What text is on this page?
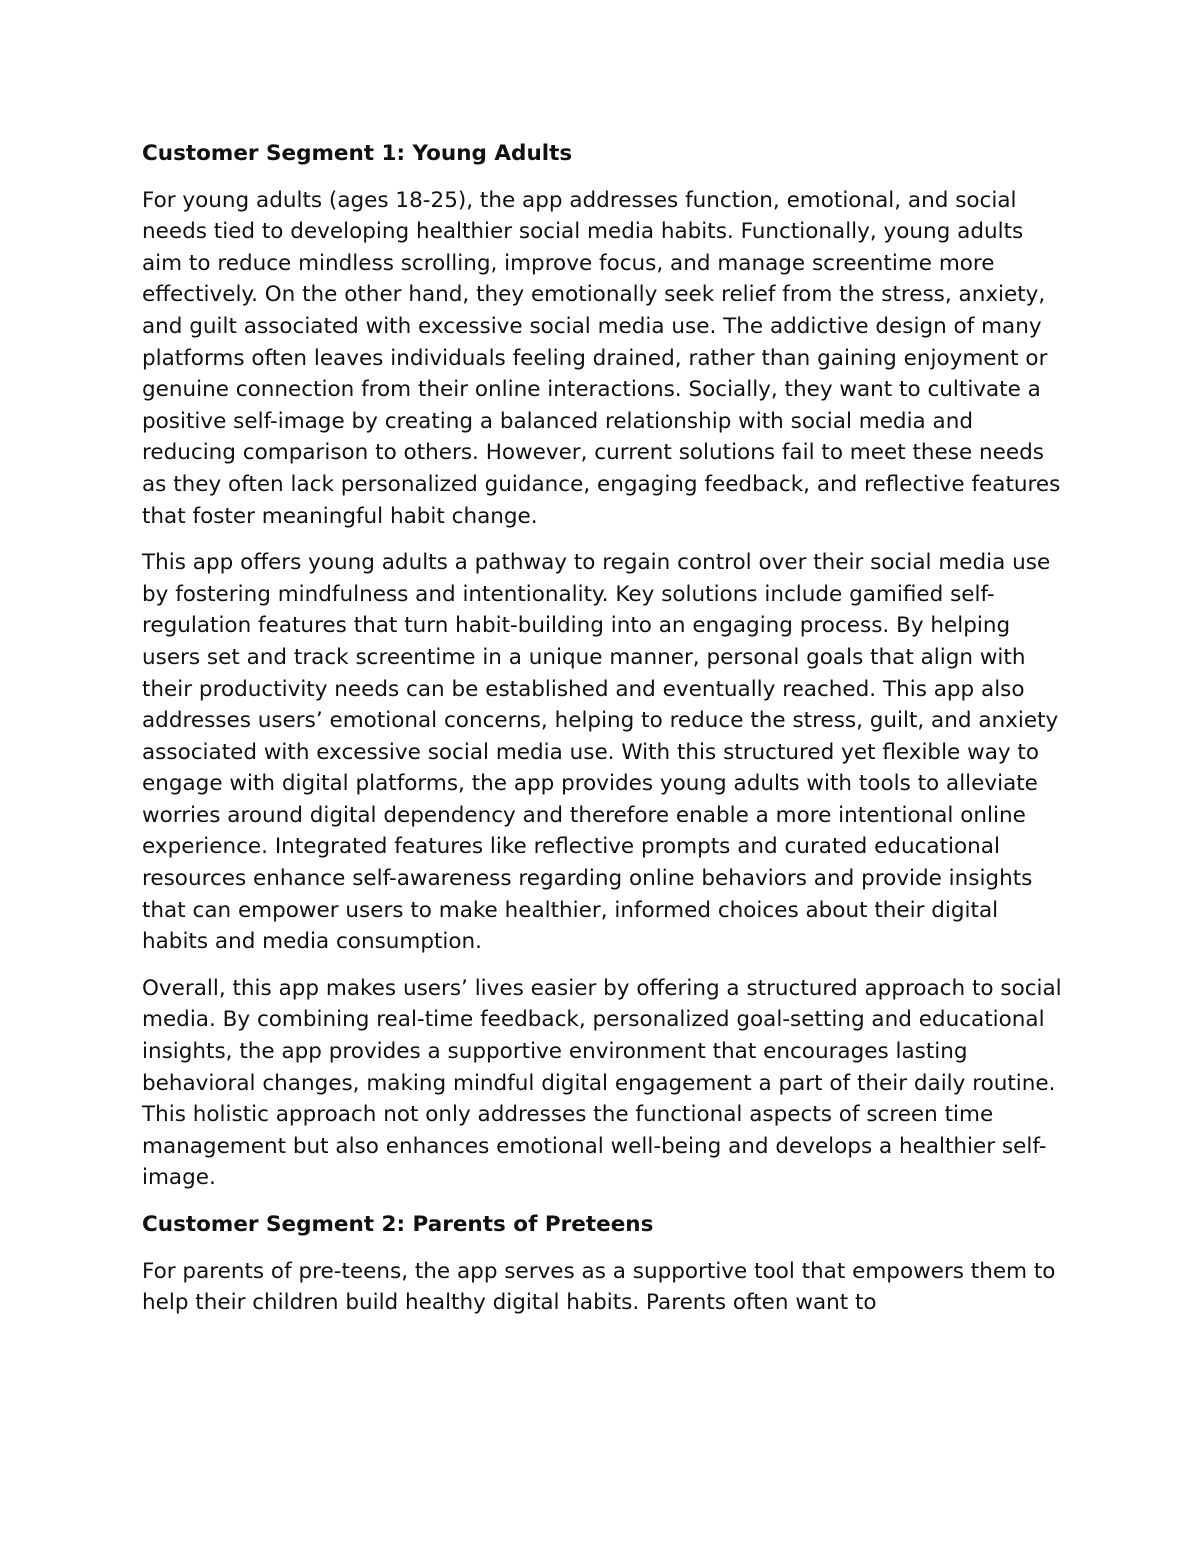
Customer Segment 1: Young Adults

For young adults (ages 18-25), the app addresses function, emotional, and social needs tied to developing healthier social media habits. Functionally, young adults aim to reduce mindless scrolling, improve focus, and manage screentime more effectively. On the other hand, they emotionally seek relief from the stress, anxiety, and guilt associated with excessive social media use. The addictive design of many platforms often leaves individuals feeling drained, rather than gaining enjoyment or genuine connection from their online interactions. Socially, they want to cultivate a positive self-image by creating a balanced relationship with social media and reducing comparison to others. However, current solutions fail to meet these needs as they often lack personalized guidance, engaging feedback, and reflective features that foster meaningful habit change.

This app offers young adults a pathway to regain control over their social media use by fostering mindfulness and intentionality. Key solutions include gamified self-regulation features that turn habit-building into an engaging process. By helping users set and track screentime in a unique manner, personal goals that align with their productivity needs can be established and eventually reached. This app also addresses users’ emotional concerns, helping to reduce the stress, guilt, and anxiety associated with excessive social media use. With this structured yet flexible way to engage with digital platforms, the app provides young adults with tools to alleviate worries around digital dependency and therefore enable a more intentional online experience. Integrated features like reflective prompts and curated educational resources enhance self-awareness regarding online behaviors and provide insights that can empower users to make healthier, informed choices about their digital habits and media consumption.

Overall, this app makes users’ lives easier by offering a structured approach to social media. By combining real-time feedback, personalized goal-setting and educational insights, the app provides a supportive environment that encourages lasting behavioral changes, making mindful digital engagement a part of their daily routine. This holistic approach not only addresses the functional aspects of screen time management but also enhances emotional well-being and develops a healthier self-image.

Customer Segment 2: Parents of Preteens

For parents of pre-teens, the app serves as a supportive tool that empowers them to help their children build healthy digital habits. Parents often want to
